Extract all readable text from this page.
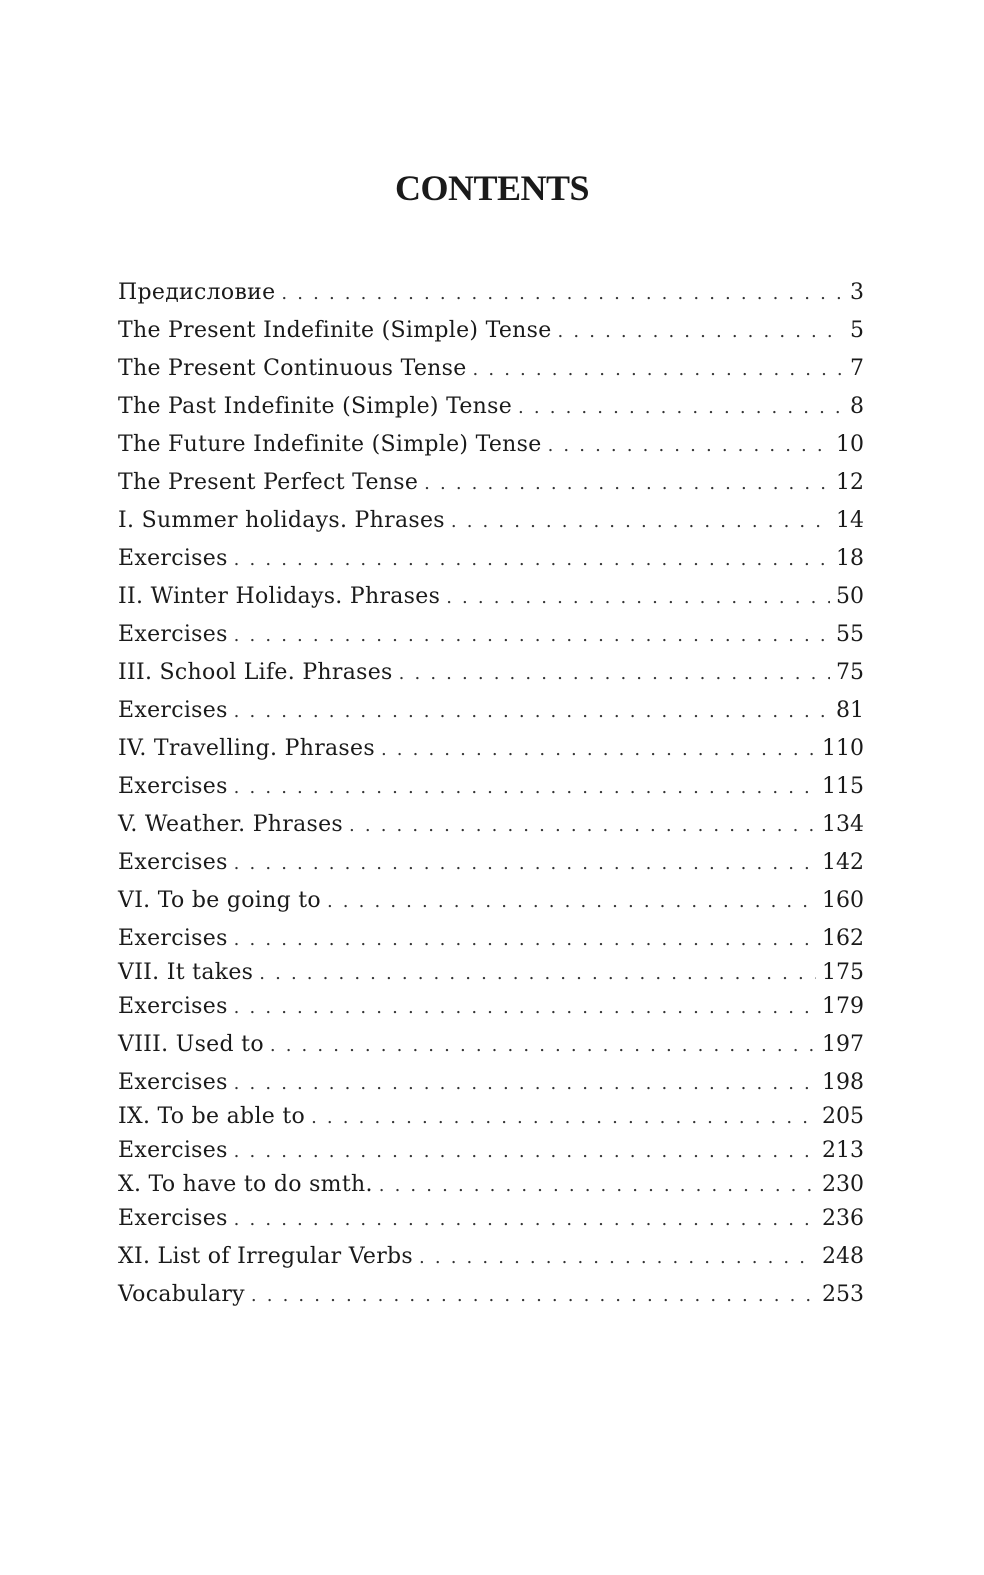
CONTENTS
Предисловие . . .	3
The Present Indefinite (Simple) Tense . . .	5
The Present Continuous Tense . . .	7
The Past Indefinite (Simple) Tense . . .	8
The Future Indefinite (Simple) Tense . . .	10
The Present Perfect Tense . . .	12
I. Summer holidays. Phrases . . .	14
Exercises . . .	18
II. Winter Holidays. Phrases . . .	50
Exercises . . .	55
III. School Life. Phrases . . .	75
Exercises . . .	81
IV. Travelling. Phrases . . .	110
Exercises . . .	115
V. Weather. Phrases . . .	134
Exercises . . .	142
VI. To be going to . . .	160
Exercises . . .	162
VII. It takes . . .	175
Exercises . . .	179
VIII. Used to . . .	197
Exercises . . .	198
IX. To be able to . . .	205
Exercises . . .	213
X. To have to do smth. . . .	230
Exercises . . .	236
XI. List of Irregular Verbs . . .	248
Vocabulary . . .	253
